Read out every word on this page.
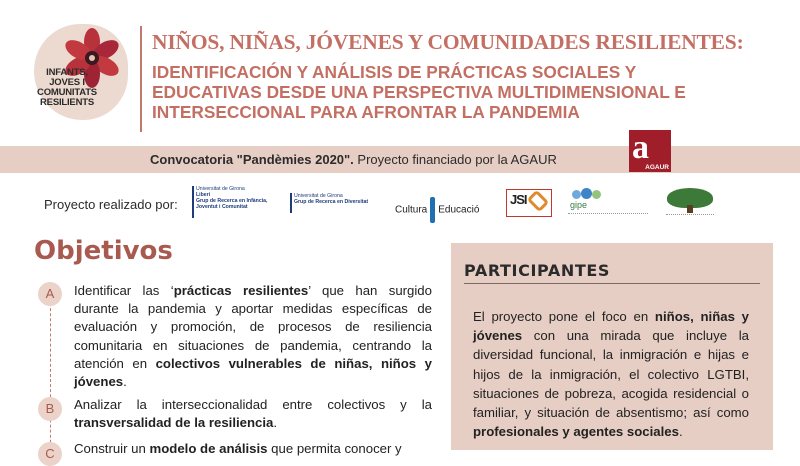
INFANTS,
JOVES I
COMUNITATS
RESILIENTS
NIÑOS, NIÑAS, JÓVENES Y COMUNIDADES RESILIENTES:
IDENTIFICACIÓN Y ANÁLISIS DE PRÁCTICAS SOCIALES Y
EDUCATIVAS DESDE UNA PERSPECTIVA MULTIDIMENSIONAL E
INTERSECCIONAL PARA AFRONTAR LA PANDEMIA
Convocatoria "Pandèmies 2020". Proyecto financiado por la AGAUR a
AGAUR
Proyecto realizado por:
Universitat de Girona
Liberi
Grup de Recerca en Infància,
Joventut i Comunitat
Universitat de Girona
Grup de Recerca en Diversitat
Cultura Educació
JSI	gipe
Objetivos
A	Identificar las ‘prácticas resilientes’ que han surgido durante la pandemia y aportar medidas específicas de evaluación y promoción, de procesos de resiliencia comunitaria en situaciones de pandemia, centrando la atención en colectivos vulnerables de niñas, niños y jóvenes.
B	Analizar la interseccionalidad entre colectivos y la transversalidad de la resiliencia.
C	Construir un modelo de análisis que permita conocer y
PARTICIPANTES
El proyecto pone el foco en niños, niñas y jóvenes con una mirada que incluye la diversidad funcional, la inmigración e hijas e hijos de la inmigración, el colectivo LGTBI, situaciones de pobreza, acogida residencial o familiar, y situación de absentismo; así como profesionales y agentes sociales.
